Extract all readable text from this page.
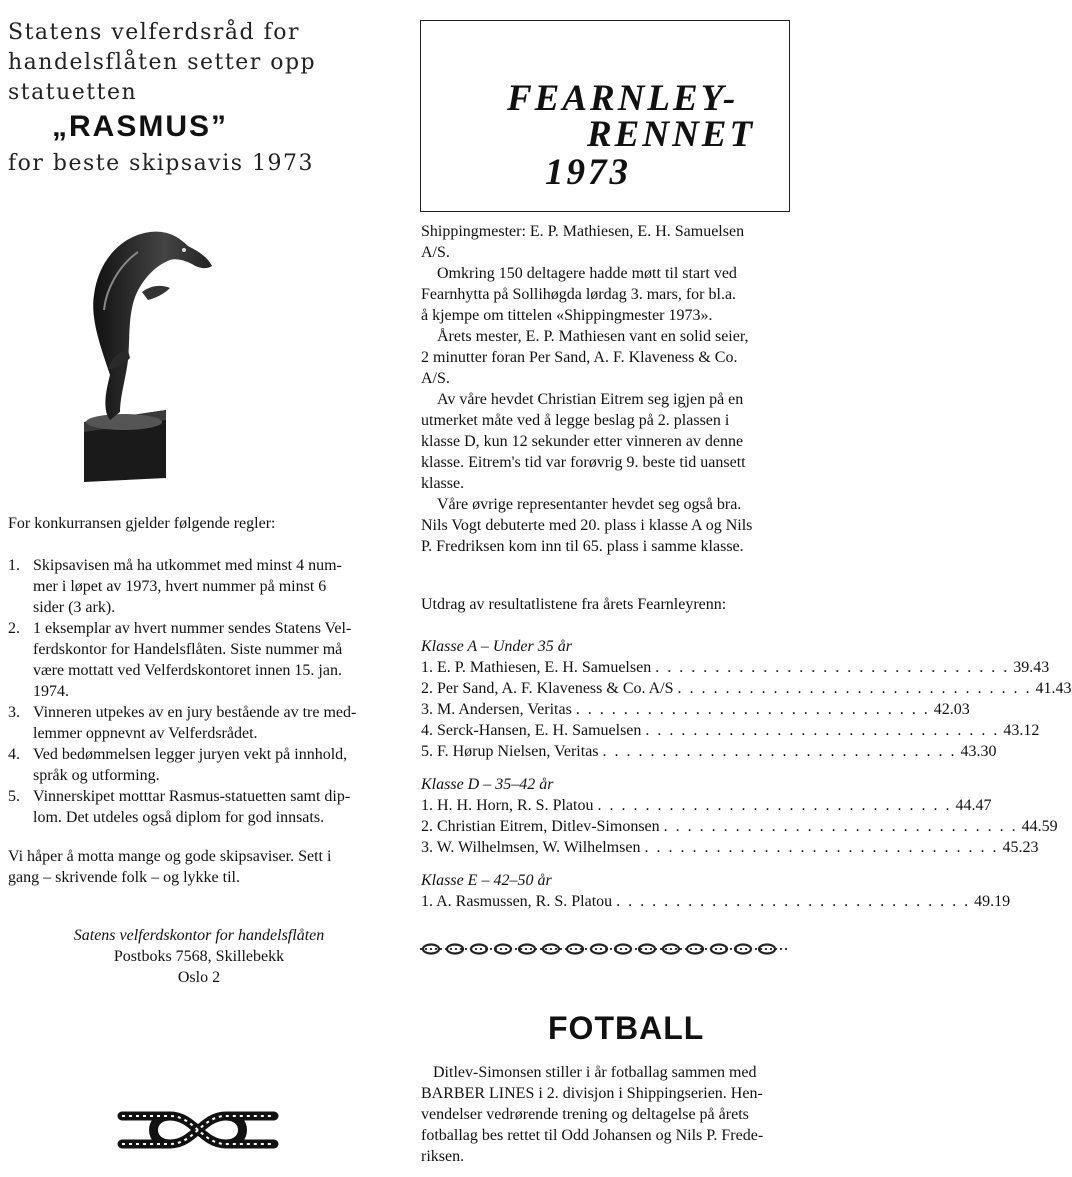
Statens velferdsråd for
handelsflåten setter opp
statuetten
„RASMUS”
for beste skipsavis 1973

For konkurransen gjelder følgende regler:

1. Skipsavisen må ha utkommet med minst 4 num-
mer i løpet av 1973, hvert nummer på minst 6
sider (3 ark).
2. 1 eksemplar av hvert nummer sendes Statens Vel-
ferdskontor for Handelsflåten. Siste nummer må
være mottatt ved Velferdskontoret innen 15. jan.
1974.
3. Vinneren utpekes av en jury bestående av tre med-
lemmer oppnevnt av Velferdsrådet.
4. Ved bedømmelsen legger juryen vekt på innhold,
språk og utforming.
5. Vinnerskipet motttar Rasmus-statuetten samt dip-
lom. Det utdeles også diplom for god innsats.

Vi håper å motta mange og gode skipsaviser. Sett i

gang – skrivende folk – og lykke til.

Satens velferdskontor for handelsflåten
Postboks 7568, Skillebekk
Oslo 2
FEARNLEY-
RENNET
1973

Shippingmester: E. P. Mathiesen, E. H. Samuelsen
A/S.

Omkring 150 deltagere hadde møtt til start ved
Fearnhytta på Sollihøgda lørdag 3. mars, for bl.a.
å kjempe om tittelen «Shippingmester 1973».

Årets mester, E. P. Mathiesen vant en solid seier,
2 minutter foran Per Sand, A. F. Klaveness & Co.
A/S.

Av våre hevdet Christian Eitrem seg igjen på en
utmerket måte ved å legge beslag på 2. plassen i
klasse D, kun 12 sekunder etter vinneren av denne
klasse. Eitrem's tid var forøvrig 9. beste tid uansett
klasse.

Våre øvrige representanter hevdet seg også bra.
Nils Vogt debuterte med 20. plass i klasse A og Nils
P. Fredriksen kom inn til 65. plass i samme klasse.

Utdrag av resultatlistene fra årets Fearnleyrenn:
Klasse A – Under 35 år
1. E. P. Mathiesen, E. H. Samuelsen . . . . . . . . . . . . . . . . . . . . . . . . . . . . . . 39.43
2. Per Sand, A. F. Klaveness & Co. A/S . . . . . . . . . . . . . . . . . . . . . . . . . . . . . . 41.43
3. M. Andersen, Veritas . . . . . . . . . . . . . . . . . . . . . . . . . . . . . . 42.03
4. Serck-Hansen, E. H. Samuelsen . . . . . . . . . . . . . . . . . . . . . . . . . . . . . . 43.12
5. F. Hørup Nielsen, Veritas . . . . . . . . . . . . . . . . . . . . . . . . . . . . . . 43.30
Klasse D – 35–42 år
1. H. H. Horn, R. S. Platou . . . . . . . . . . . . . . . . . . . . . . . . . . . . . . 44.47
2. Christian Eitrem, Ditlev-Simonsen . . . . . . . . . . . . . . . . . . . . . . . . . . . . . . 44.59
3. W. Wilhelmsen, W. Wilhelmsen . . . . . . . . . . . . . . . . . . . . . . . . . . . . . . 45.23
Klasse E – 42–50 år
1. A. Rasmussen, R. S. Platou . . . . . . . . . . . . . . . . . . . . . . . . . . . . . . 49.19
FOTBALL

Ditlev-Simonsen stiller i år fotballag sammen med
BARBER LINES i 2. divisjon i Shippingserien. Hen-
vendelser vedrørende trening og deltagelse på årets
fotballag bes rettet til Odd Johansen og Nils P. Frede-
riksen.
